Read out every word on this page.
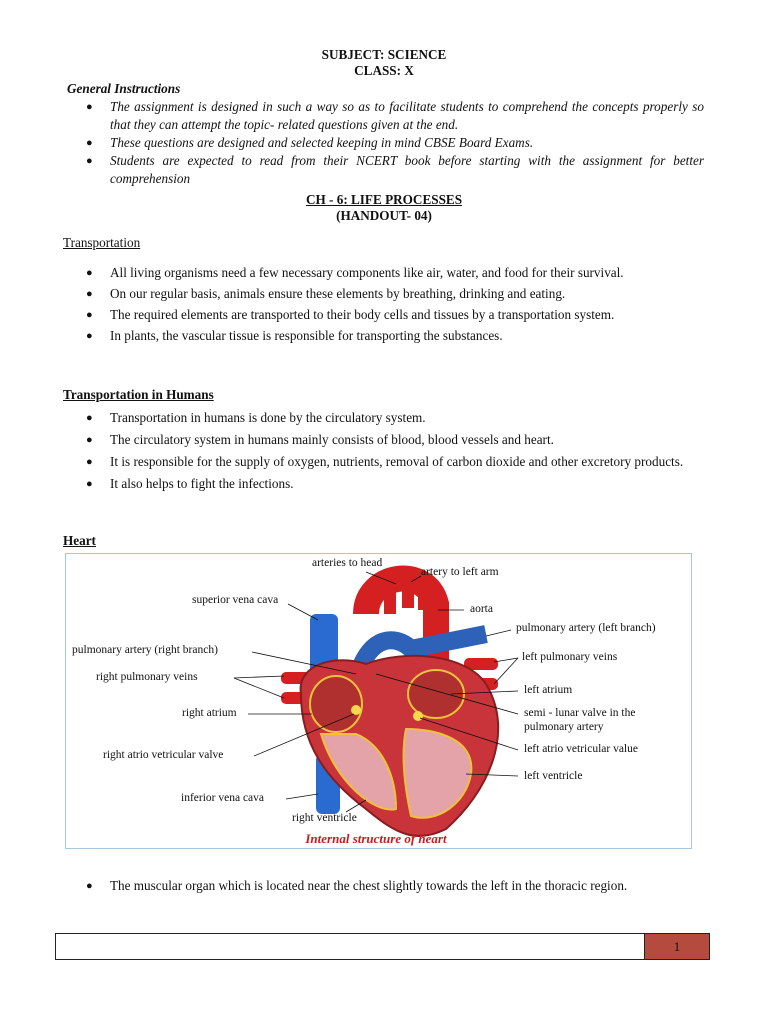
SUBJECT: SCIENCE
CLASS: X
General Instructions
● The assignment is designed in such a way so as to facilitate students to comprehend the concepts properly so that they can attempt the topic- related questions given at the end.
● These questions are designed and selected keeping in mind CBSE Board Exams.
● Students are expected to read from their NCERT book before starting with the assignment for better comprehension
CH - 6: LIFE PROCESSES
(HANDOUT- 04)
Transportation
● All living organisms need a few necessary components like air, water, and food for their survival.
● On our regular basis, animals ensure these elements by breathing, drinking and eating.
● The required elements are transported to their body cells and tissues by a transportation system.
● In plants, the vascular tissue is responsible for transporting the substances.
Transportation in Humans
● Transportation in humans is done by the circulatory system.
● The circulatory system in humans mainly consists of blood, blood vessels and heart.
● It is responsible for the supply of oxygen, nutrients, removal of carbon dioxide and other excretory products.
● It also helps to fight the infections.
Heart
arteries to head
artery to left arm
superior vena cava
aorta
pulmonary artery (right branch)
pulmonary artery (left branch)
right pulmonary veins
left pulmonary veins
left atrium
right atrium	semi - lunar valve in the
pulmonary artery
right atrio vetricular valve	left atrio vetricular value
left ventricle
inferior vena cava
right ventricle
Internal structure of heart
● The muscular organ which is located near the chest slightly towards the left in the thoracic region.
1
